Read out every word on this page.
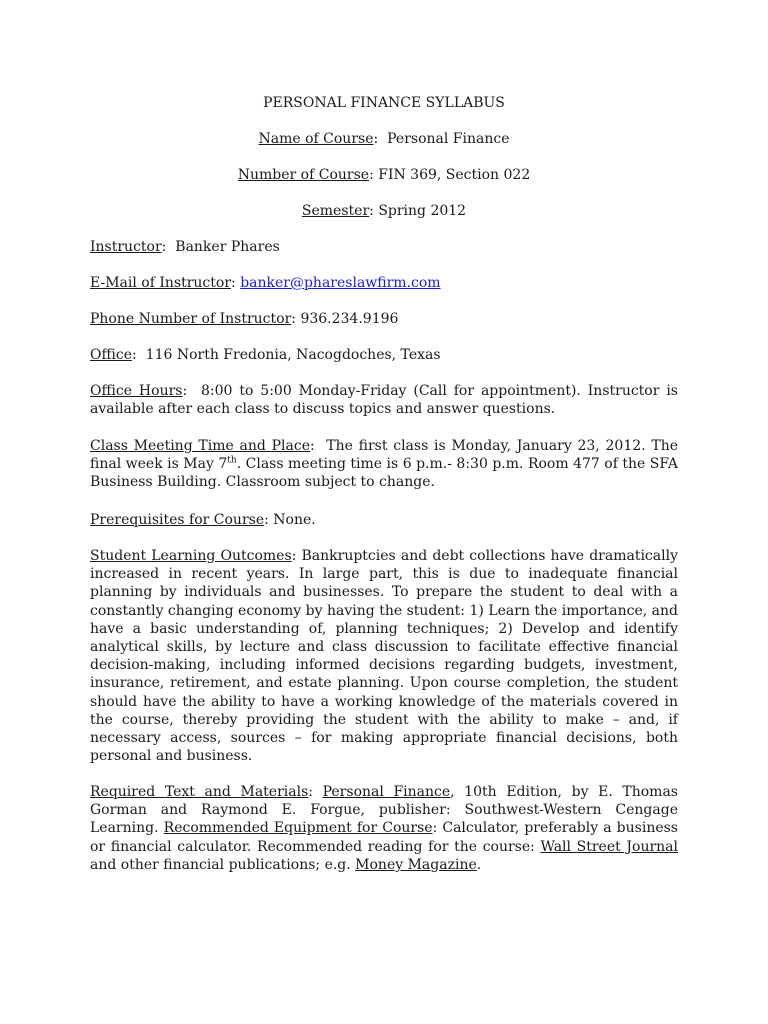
PERSONAL FINANCE SYLLABUS

Name of Course:  Personal Finance

Number of Course: FIN 369, Section 022

Semester: Spring 2012

Instructor:  Banker Phares

E-Mail of Instructor: banker@phareslawfirm.com

Phone Number of Instructor: 936.234.9196

Office:  116 North Fredonia, Nacogdoches, Texas

Office Hours:  8:00 to 5:00 Monday-Friday (Call for appointment). Instructor is available after each class to discuss topics and answer questions.

Class Meeting Time and Place:  The first class is Monday, January 23, 2012. The final week is May 7th. Class meeting time is 6 p.m.- 8:30 p.m. Room 477 of the SFA Business Building. Classroom subject to change.

Prerequisites for Course: None.

Student Learning Outcomes: Bankruptcies and debt collections have dramatically increased in recent years. In large part, this is due to inadequate financial planning by individuals and businesses. To prepare the student to deal with a constantly changing economy by having the student: 1) Learn the importance, and have a basic understanding of, planning techniques; 2) Develop and identify analytical skills, by lecture and class discussion to facilitate effective financial decision-making, including informed decisions regarding budgets, investment, insurance, retirement, and estate planning. Upon course completion, the student should have the ability to have a working knowledge of the materials covered in the course, thereby providing the student with the ability to make – and, if necessary access, sources – for making appropriate financial decisions, both personal and business.

Required Text and Materials: Personal Finance, 10th Edition, by E. Thomas Gorman and Raymond E. Forgue, publisher: Southwest-Western Cengage Learning. Recommended Equipment for Course: Calculator, preferably a business or financial calculator. Recommended reading for the course: Wall Street Journal and other financial publications; e.g. Money Magazine.
